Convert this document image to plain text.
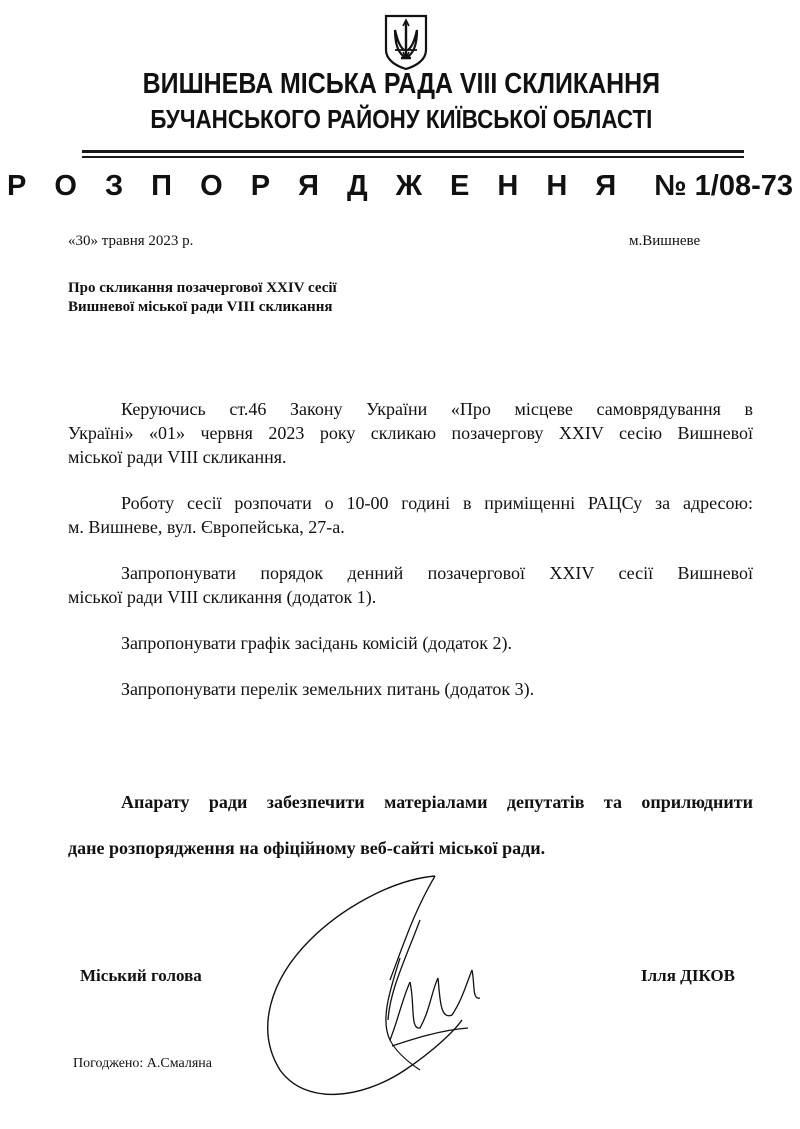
ВИШНЕВА МІСЬКА РАДА VIII СКЛИКАННЯ
БУЧАНСЬКОГО РАЙОНУ КИЇВСЬКОЇ ОБЛАСТІ
Р О З П О Р Я Д Ж Е Н Н Я № 1/08-73
«30» травня 2023 р.	м.Вишневе
Про скликання позачергової XXIV сесії
Вишневої міської ради VIII скликання
Керуючись ст.46 Закону України «Про місцеве самоврядування в
Україні» «01» червня 2023 року скликаю позачергову XXIV сесію Вишневої
міської ради VIII скликання.
Роботу сесії розпочати о 10-00 годині в приміщенні РАЦСу за адресою:
м. Вишневе, вул. Європейська, 27-а.
Запропонувати порядок денний позачергової XXIV сесії Вишневої
міської ради VIII скликання (додаток 1).
Запропонувати графік засідань комісій (додаток 2).
Запропонувати перелік земельних питань (додаток 3).
Апарату ради забезпечити матеріалами депутатів та оприлюднити
дане розпорядження на офіційному веб-сайті міської ради.
Міський голова	Ілля ДІКОВ
Погоджено: А.Смаляна
